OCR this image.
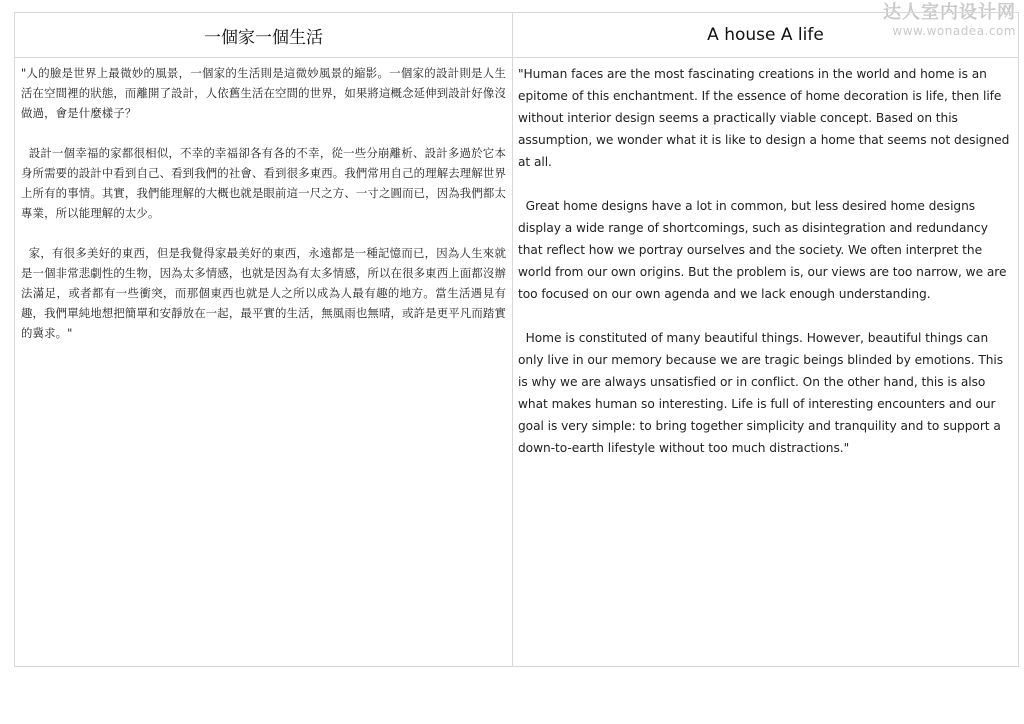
达人室内设计网
www.wonadea.com
一個家一個生活	A house A life

"人的臉是世界上最微妙的風景，一個家的生活則是這微妙風景的縮影。一個家的設計則是人生活在空間裡的狀態，而離開了設計，人依舊生活在空間的世界，如果將這概念延伸到設計好像沒做過，會是什麼樣子？

設計一個幸福的家都很相似，不幸的幸福卻各有各的不幸，從一些分崩離析、設計多過於它本身所需要的設計中看到自己、看到我們的社會、看到很多東西。我們常用自己的理解去理解世界上所有的事情。其實，我們能理解的大概也就是眼前這一尺之方、一寸之圓而已，因為我們都太專業，所以能理解的太少。

家，有很多美好的東西，但是我覺得家最美好的東西，永遠都是一種記憶而已，因為人生來就是一個非常悲劇性的生物，因為太多情感，也就是因為有太多情感，所以在很多東西上面都沒辦法滿足，或者都有一些衝突，而那個東西也就是人之所以成為人最有趣的地方。當生活遇見有趣，我們單純地想把簡單和安靜放在一起，最平實的生活，無風雨也無晴，或許是更平凡而踏實的冀求。"

"Human faces are the most fascinating creations in the world and home is an epitome of this enchantment. If the essence of home decoration is life, then life without interior design seems a practically viable concept. Based on this assumption, we wonder what it is like to design a home that seems not designed at all.

Great home designs have a lot in common, but less desired home designs display a wide range of shortcomings, such as disintegration and redundancy that reflect how we portray ourselves and the society. We often interpret the world from our own origins. But the problem is, our views are too narrow, we are too focused on our own agenda and we lack enough understanding.

Home is constituted of many beautiful things. However, beautiful things can only live in our memory because we are tragic beings blinded by emotions. This is why we are always unsatisfied or in conflict. On the other hand, this is also what makes human so interesting. Life is full of interesting encounters and our goal is very simple: to bring together simplicity and tranquility and to support a down-to-earth lifestyle without too much distractions."
